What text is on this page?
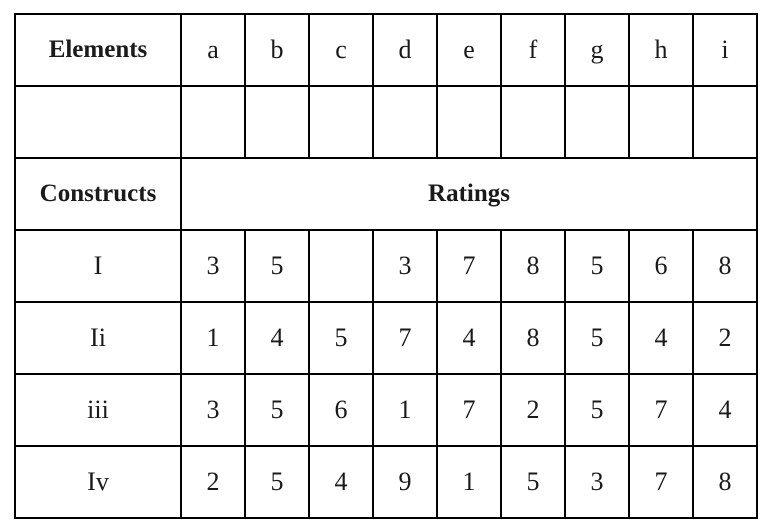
Elements	a	b	c	d	e	f	g	h	i

Constructs	Ratings								
I	3	5		3	7	8	5	6	8
Ii	1	4	5	7	4	8	5	4	2
iii	3	5	6	1	7	2	5	7	4
Iv	2	5	4	9	1	5	3	7	8
